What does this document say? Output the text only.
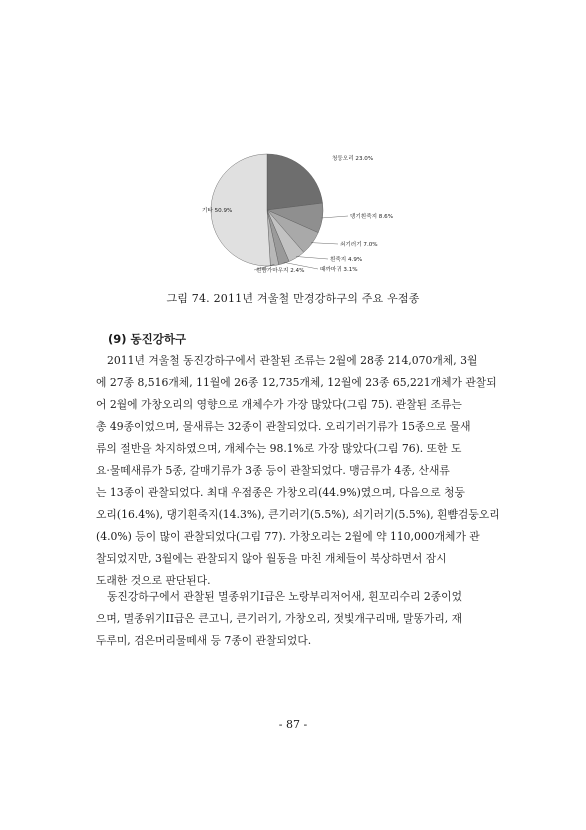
청둥오리 23.0%
댕기흰죽지 8.6%
쇠기러기 7.0%
흰죽지 4.9%
때까마귀 3.1%
흰뺨가마우지 2.4%
기타 50.9%
그림 74. 2011년 겨울철 만경강하구의 주요 우점종
(9) 동진강하구
2011년 겨울철 동진강하구에서 관찰된 조류는 2월에 28종 214,070개체, 3월
에 27종 8,516개체, 11월에 26종 12,735개체, 12월에 23종 65,221개체가 관찰되
어 2월에 가창오리의 영향으로 개체수가 가장 많았다(그림 75). 관찰된 조류는
총 49종이었으며, 물새류는 32종이 관찰되었다. 오리기러기류가 15종으로 물새
류의 절반을 차지하였으며, 개체수는 98.1%로 가장 많았다(그림 76). 또한 도
요·물떼새류가 5종, 갈매기류가 3종 등이 관찰되었다. 맹금류가 4종, 산새류
는 13종이 관찰되었다. 최대 우점종은 가창오리(44.9%)였으며, 다음으로 청둥
오리(16.4%), 댕기흰죽지(14.3%), 큰기러기(5.5%), 쇠기러기(5.5%), 흰뺨검둥오리
(4.0%) 등이 많이 관찰되었다(그림 77). 가창오리는 2월에 약 110,000개체가 관
찰되었지만, 3월에는 관찰되지 않아 월동을 마친 개체들이 북상하면서 잠시
도래한 것으로 판단된다.
동진강하구에서 관찰된 멸종위기I급은 노랑부리저어새, 흰꼬리수리 2종이었
으며, 멸종위기II급은 큰고니, 큰기러기, 가창오리, 젓빛개구리매, 말똥가리, 재
두루미, 검은머리물떼새 등 7종이 관찰되었다.
- 87 -
